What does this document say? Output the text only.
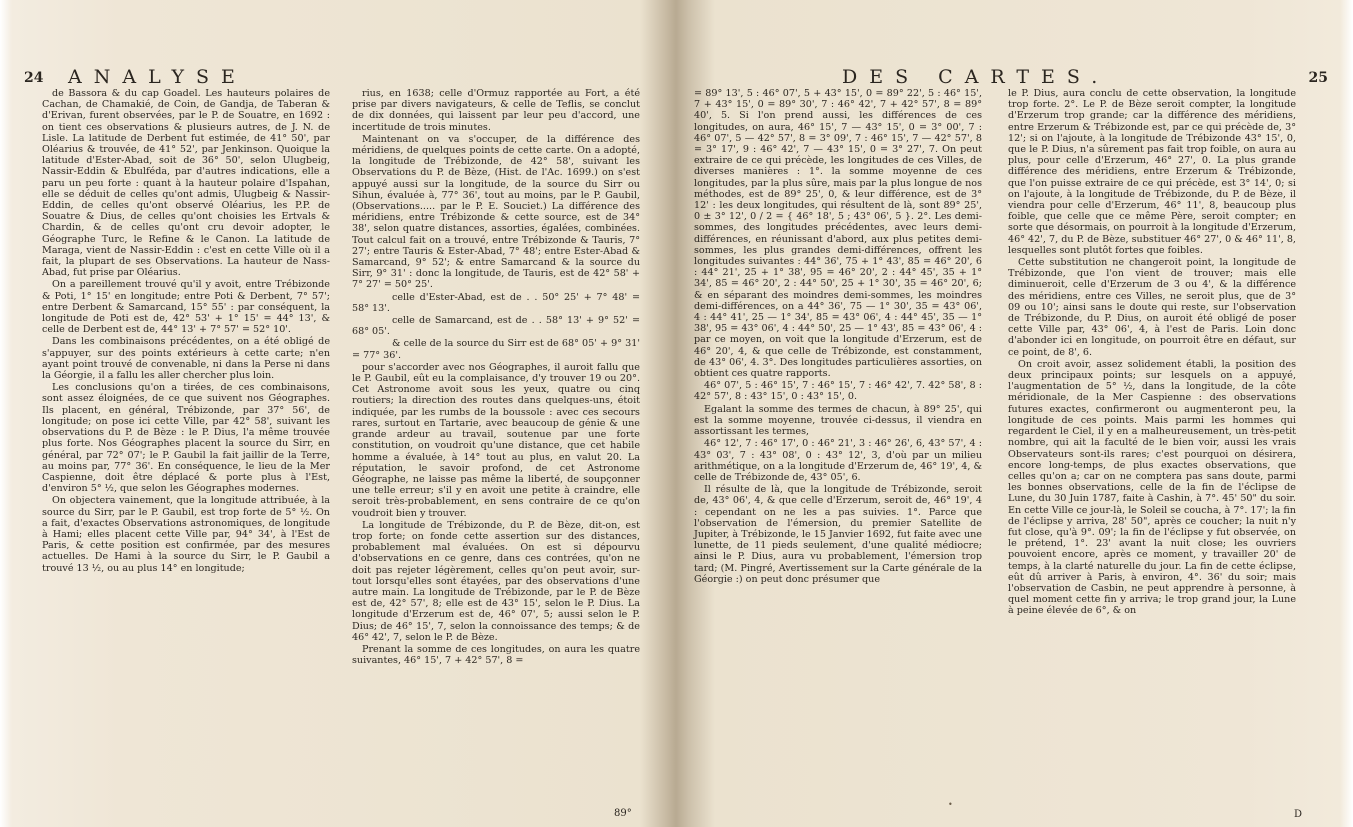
24 ANALYSE

de Bassora & du cap Goadel. Les hauteurs polaires de Cachan, de Chamakié, de Coin, de Gandja, de Taberan & d'Erivan, furent observées, par le P. de Souatre, en 1692 : on tient ces observations & plusieurs autres, de J. N. de Lisle. La latitude de Derbent fut estimée, de 41° 50', par Oléarius & trouvée, de 41° 52', par Jenkinson. Quoique la latitude d'Ester-Abad, soit de 36° 50', selon Ulugbeig, Nassir-Eddin & Ebulféda, par d'autres indications, elle a paru un peu forte : quant à la hauteur polaire d'Ispahan, elle se déduit de celles qu'ont admis, Ulugbeig & Nassir-Eddin, de celles qu'ont observé Oléarius, les P.P. de Souatre & Dius, de celles qu'ont choisies les Ertvals & Chardin, & de celles qu'ont cru devoir adopter, le Géographe Turc, le Refine & le Canon. La latitude de Maraga, vient de Nassir-Eddin : c'est en cette Ville où il a fait, la plupart de ses Observations. La hauteur de Nass-Abad, fut prise par Oléarius.

On a pareillement trouvé qu'il y avoit, entre Trébizonde & Poti, 1° 15' en longitude; entre Poti & Derbent, 7° 57'; entre Derbent & Samarcand, 15° 55' : par conséquent, la longitude de Poti est de, 42° 53' + 1° 15' = 44° 13', & celle de Derbent est de, 44° 13' + 7° 57' = 52° 10'.

Dans les combinaisons précédentes, on a été obligé de s'appuyer, sur des points extérieurs à cette carte; n'en ayant point trouvé de convenable, ni dans la Perse ni dans la Géorgie, il a fallu les aller chercher plus loin.

Les conclusions qu'on a tirées, de ces combinaisons, sont assez éloignées, de ce que suivent nos Géographes. Ils placent, en général, Trébizonde, par 37° 56', de longitude; on pose ici cette Ville, par 42° 58', suivant les observations du P. de Bèze : le P. Dius, l'a même trouvée plus forte. Nos Géographes placent la source du Sirr, en général, par 72° 07'; le P. Gaubil la fait jaillir de la Terre, au moins par, 77° 36'. En conséquence, le lieu de la Mer Caspienne, doit être déplacé & porte plus à l'Est, d'environ 5° ½, que selon les Géographes modernes.

On objectera vainement, que la longitude attribuée, à la source du Sirr, par le P. Gaubil, est trop forte de 5° ½. On a fait, d'exactes Observations astronomiques, de longitude à Hami; elles placent cette Ville par, 94° 34', à l'Est de Paris, & cette position est confirmée, par des mesures actuelles. De Hami à la source du Sirr, le P. Gaubil a trouvé 13 ½, ou au plus 14° en longitude;

rius, en 1638; celle d'Ormuz rapportée au Fort, a été prise par divers navigateurs, & celle de Teflis, se conclut de dix données, qui laissent par leur peu d'accord, une incertitude de trois minutes.

Maintenant on va s'occuper, de la différence des méridiens, de quelques points de cette carte. On a adopté, la longitude de Trébizonde, de 42° 58', suivant les Observations du P. de Bèze, (Hist. de l'Ac. 1699.) on s'est appuyé aussi sur la longitude, de la source du Sirr ou Sihun, évaluée à, 77° 36', tout au moins, par le P. Gaubil, (Observations..... par le P. E. Souciet.) La différence des méridiens, entre Trébizonde & cette source, est de 34° 38', selon quatre distances, assorties, égalées, combinées. Tout calcul fait on a trouvé, entre Trébizonde & Tauris, 7° 27'; entre Tauris & Ester-Abad, 7° 48'; entre Ester-Abad & Samarcand, 9° 52'; & entre Samarcand & la source du Sirr, 9° 31' : donc la longitude, de Tauris, est de 42° 58' + 7° 27' = 50° 25'.

celle d'Ester-Abad, est de . . 50° 25' + 7° 48' = 58° 13'.

celle de Samarcand, est de . . 58° 13' + 9° 52' = 68° 05'.

& celle de la source du Sirr est de 68° 05' + 9° 31' = 77° 36'.

pour s'accorder avec nos Géographes, il auroit fallu que le P. Gaubil, eût eu la complaisance, d'y trouver 19 ou 20°. Cet Astronome avoit sous les yeux, quatre ou cinq routiers; la direction des routes dans quelques-uns, étoit indiquée, par les rumbs de la boussole : avec ces secours rares, surtout en Tartarie, avec beaucoup de génie & une grande ardeur au travail, soutenue par une forte constitution, on voudroit qu'une distance, que cet habile homme a évaluée, à 14° tout au plus, en valut 20. La réputation, le savoir profond, de cet Astronome Géographe, ne laisse pas même la liberté, de soupçonner une telle erreur; s'il y en avoit une petite à craindre, elle seroit très-probablement, en sens contraire de ce qu'on voudroit bien y trouver.

La longitude de Trébizonde, du P. de Bèze, dit-on, est trop forte; on fonde cette assertion sur des distances, probablement mal évaluées. On est si dépourvu d'observations en ce genre, dans ces contrées, qu'on ne doit pas rejeter légèrement, celles qu'on peut avoir, sur-tout lorsqu'elles sont étayées, par des observations d'une autre main. La longitude de Trébizonde, par le P. de Bèze est de, 42° 57', 8; elle est de 43° 15', selon le P. Dius. La longitude d'Erzerum est de, 46° 07', 5; aussi selon le P. Dius; de 46° 15', 7, selon la connoissance des temps; & de 46° 42', 7, selon le P. de Bèze.

Prenant la somme de ces longitudes, on aura les quatre suivantes, 46° 15', 7 + 42° 57', 8 =

89°
DES CARTES.	25

= 89° 13', 5 : 46° 07', 5 + 43° 15', 0 = 89° 22', 5 : 46° 15', 7 + 43° 15', 0 = 89° 30', 7 : 46° 42', 7 + 42° 57', 8 = 89° 40', 5. Si l'on prend aussi, les différences de ces longitudes, on aura, 46° 15', 7 — 43° 15', 0 = 3° 00', 7 : 46° 07', 5 — 42° 57', 8 = 3° 09', 7 : 46° 15', 7 — 42° 57', 8 = 3° 17', 9 : 46° 42', 7 — 43° 15', 0 = 3° 27', 7. On peut extraire de ce qui précède, les longitudes de ces Villes, de diverses manières : 1°. la somme moyenne de ces longitudes, par la plus sûre, mais par la plus longue de nos méthodes, est de 89° 25', 0, & leur différence, est de 3° 12' : les deux longitudes, qui résultent de là, sont 89° 25', 0 ± 3° 12', 0 / 2 = { 46° 18', 5 ; 43° 06', 5 }. 2°. Les demi-sommes, des longitudes précédentes, avec leurs demi-différences, en réunissant d'abord, aux plus petites demi-sommes, les plus grandes demi-différences, offrent les longitudes suivantes : 44° 36', 75 + 1° 43', 85 = 46° 20', 6 : 44° 21', 25 + 1° 38', 95 = 46° 20', 2 : 44° 45', 35 + 1° 34', 85 = 46° 20', 2 : 44° 50', 25 + 1° 30', 35 = 46° 20', 6; & en séparant des moindres demi-sommes, les moindres demi-différences, on a 44° 36', 75 — 1° 30', 35 = 43° 06', 4 : 44° 41', 25 — 1° 34', 85 = 43° 06', 4 : 44° 45', 35 — 1° 38', 95 = 43° 06', 4 : 44° 50', 25 — 1° 43', 85 = 43° 06', 4 : par ce moyen, on voit que la longitude d'Erzerum, est de 46° 20', 4, & que celle de Trébizonde, est constamment, de 43° 06', 4. 3°. Des longitudes particulières assorties, on obtient ces quatre rapports.

46° 07', 5 : 46° 15', 7 : 46° 15', 7 : 46° 42', 7. 42° 58', 8 : 42° 57', 8 : 43° 15', 0 : 43° 15', 0.

Egalant la somme des termes de chacun, à 89° 25', qui est la somme moyenne, trouvée ci-dessus, il viendra en assortissant les termes,

46° 12', 7 : 46° 17', 0 : 46° 21', 3 : 46° 26', 6, 43° 57', 4 : 43° 03', 7 : 43° 08', 0 : 43° 12', 3, d'où par un milieu arithmétique, on a la longitude d'Erzerum de, 46° 19', 4, & celle de Trébizonde de, 43° 05', 6.

Il résulte de là, que la longitude de Trébizonde, seroit de, 43° 06', 4, & que celle d'Erzerum, seroit de, 46° 19', 4 : cependant on ne les a pas suivies. 1°. Parce que l'observation de l'émersion, du premier Satellite de Jupiter, à Trébizonde, le 15 Janvier 1692, fut faite avec une lunette, de 11 pieds seulement, d'une qualité médiocre; ainsi le P. Dius, aura vu probablement, l'émersion trop tard; (M. Pingré, Avertissement sur la Carte générale de la Géorgie :) on peut donc présumer que

le P. Dius, aura conclu de cette observation, la longitude trop forte. 2°. Le P. de Bèze seroit compter, la longitude d'Erzerum trop grande; car la différence des méridiens, entre Erzerum & Trébizonde est, par ce qui précède de, 3° 12'; si on l'ajoute, à la longitude de Trébizonde 43° 15', 0, que le P. Dius, n'a sûrement pas fait trop foible, on aura au plus, pour celle d'Erzerum, 46° 27', 0. La plus grande différence des méridiens, entre Erzerum & Trébizonde, que l'on puisse extraire de ce qui précède, est 3° 14', 0; si on l'ajoute, à la longitude de Trébizonde, du P. de Bèze, il viendra pour celle d'Erzerum, 46° 11', 8, beaucoup plus foible, que celle que ce même Père, seroit compter; en sorte que désormais, on pourroit à la longitude d'Erzerum, 46° 42', 7, du P. de Bèze, substituer 46° 27', 0 & 46° 11', 8, lesquelles sont plutôt fortes que foibles.

Cette substitution ne changeroit point, la longitude de Trébizonde, que l'on vient de trouver; mais elle diminueroit, celle d'Erzerum de 3 ou 4', & la différence des méridiens, entre ces Villes, ne seroit plus, que de 3° 09 ou 10'; ainsi sans le doute qui reste, sur l'observation de Trébizonde, du P. Dius, on auroit été obligé de poser cette Ville par, 43° 06', 4, à l'est de Paris. Loin donc d'abonder ici en longitude, on pourroit être en défaut, sur ce point, de 8', 6.

On croit avoir, assez solidement établi, la position des deux principaux points; sur lesquels on a appuyé, l'augmentation de 5° ½, dans la longitude, de la côte méridionale, de la Mer Caspienne : des observations futures exactes, confirmeront ou augmenteront peu, la longitude de ces points. Mais parmi les hommes qui regardent le Ciel, il y en a malheureusement, un très-petit nombre, qui ait la faculté de le bien voir, aussi les vrais Observateurs sont-ils rares; c'est pourquoi on désirera, encore long-temps, de plus exactes observations, que celles qu'on a; car on ne comptera pas sans doute, parmi les bonnes observations, celle de la fin de l'éclipse de Lune, du 30 Juin 1787, faite à Cashin, à 7°. 45' 50" du soir. En cette Ville ce jour-là, le Soleil se coucha, à 7°. 17'; la fin de l'éclipse y arriva, 28' 50", après ce coucher; la nuit n'y fut close, qu'à 9°. 09'; la fin de l'éclipse y fut observée, on le prétend, 1°. 23' avant la nuit close; les ouvriers pouvoient encore, après ce moment, y travailler 20' de temps, à la clarté naturelle du jour. La fin de cette éclipse, eût dû arriver à Paris, à environ, 4°. 36' du soir; mais l'observation de Casbin, ne peut apprendre à personne, à quel moment cette fin y arriva; le trop grand jour, la Lune à peine élevée de 6°, & on

•
D
